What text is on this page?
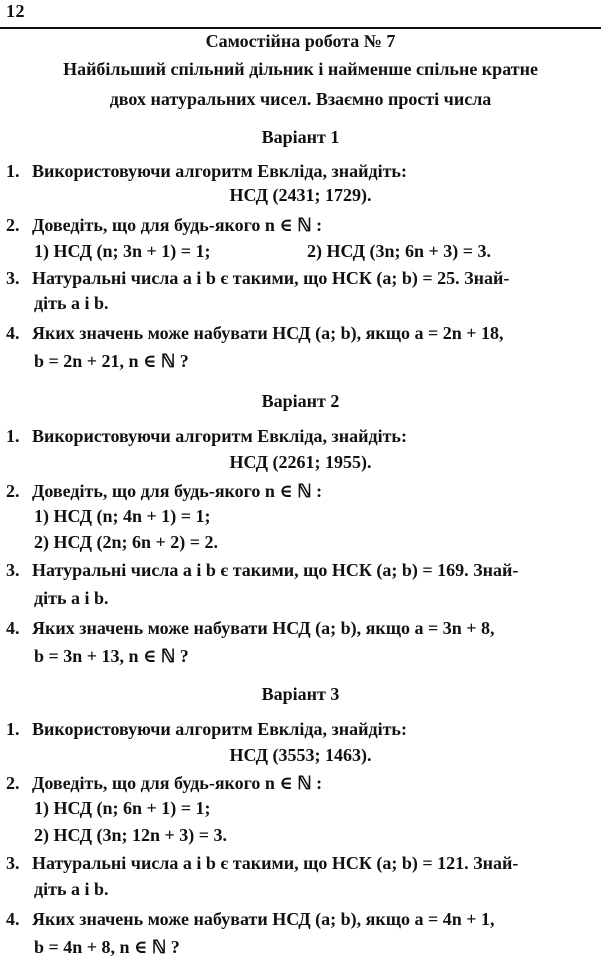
12
Самостійна робота № 7
Найбільший спільний дільник і найменше спільне кратне
двох натуральних чисел. Взаємно прості числа
Варіант 1
1. Використовуючи алгоритм Евкліда, знайдіть:
НСД (2431; 1729).
2. Доведіть, що для будь-якого n ∈ ℕ :
1) НСД (n; 3n + 1) = 1;	2) НСД (3n; 6n + 3) = 3.
3. Натуральні числа a і b є такими, що НСК (a; b) = 25. Знай-
діть a і b.
4. Яких значень може набувати НСД (a; b), якщо a = 2n + 18,
b = 2n + 21, n ∈ ℕ ?
Варіант 2
1. Використовуючи алгоритм Евкліда, знайдіть:
НСД (2261; 1955).
2. Доведіть, що для будь-якого n ∈ ℕ :
1) НСД (n; 4n + 1) = 1;
2) НСД (2n; 6n + 2) = 2.
3. Натуральні числа a і b є такими, що НСК (a; b) = 169. Знай-
діть a і b.
4. Яких значень може набувати НСД (a; b), якщо a = 3n + 8,
b = 3n + 13, n ∈ ℕ ?
Варіант 3
1. Використовуючи алгоритм Евкліда, знайдіть:
НСД (3553; 1463).
2. Доведіть, що для будь-якого n ∈ ℕ :
1) НСД (n; 6n + 1) = 1;
2) НСД (3n; 12n + 3) = 3.
3. Натуральні числа a і b є такими, що НСК (a; b) = 121. Знай-
діть a і b.
4. Яких значень може набувати НСД (a; b), якщо a = 4n + 1,
b = 4n + 8, n ∈ ℕ ?
